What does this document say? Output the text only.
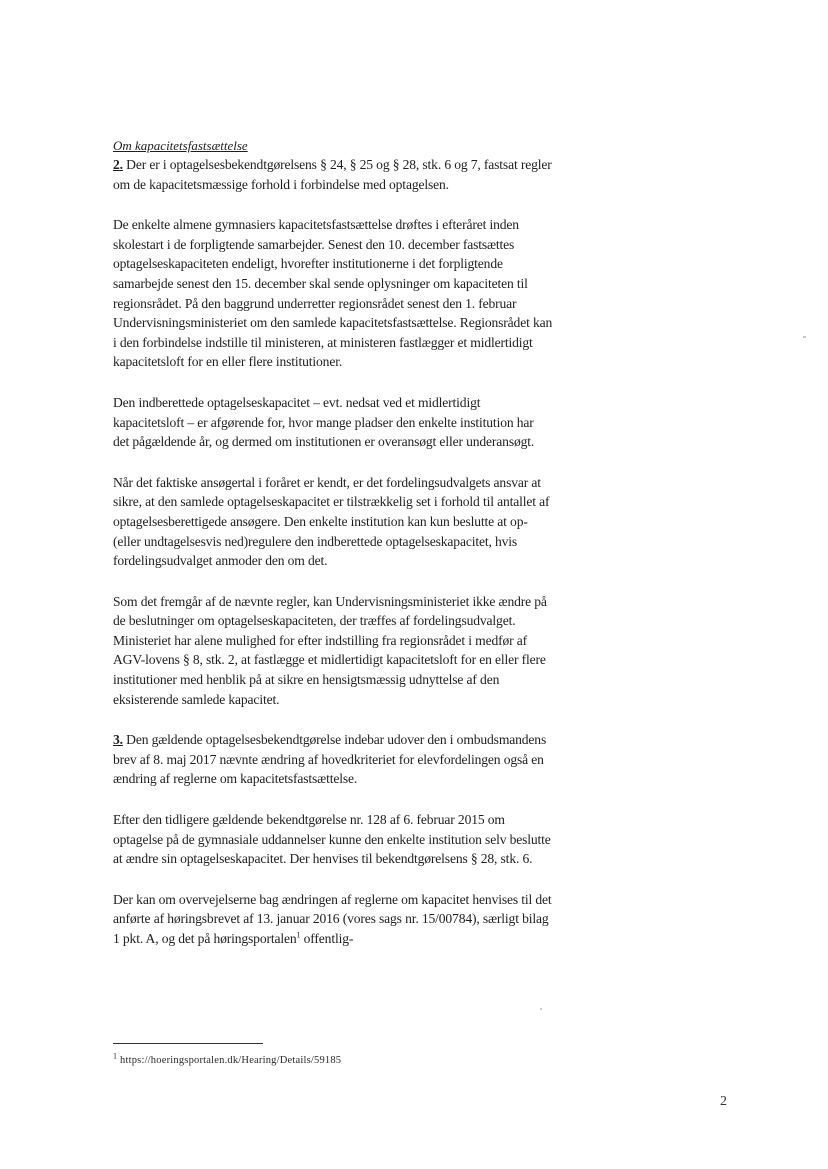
Om kapacitetsfastsættelse

2. Der er i optagelsesbekendtgørelsens § 24, § 25 og § 28, stk. 6 og 7, fastsat regler om de kapacitetsmæssige forhold i forbindelse med optagelsen.

De enkelte almene gymnasiers kapacitetsfastsættelse drøftes i efteråret inden skolestart i de forpligtende samarbejder. Senest den 10. december fastsættes optagelseskapaciteten endeligt, hvorefter institutionerne i det forpligtende samarbejde senest den 15. december skal sende oplysninger om kapaciteten til regionsrådet. På den baggrund underretter regionsrådet senest den 1. februar Undervisningsministeriet om den samlede kapacitetsfastsættelse. Regionsrådet kan i den forbindelse indstille til ministeren, at ministeren fastlægger et midlertidigt kapacitetsloft for en eller flere institutioner.

Den indberettede optagelseskapacitet – evt. nedsat ved et midlertidigt kapacitetsloft – er afgørende for, hvor mange pladser den enkelte institution har det pågældende år, og dermed om institutionen er overansøgt eller underansøgt.

Når det faktiske ansøgertal i foråret er kendt, er det fordelingsudvalgets ansvar at sikre, at den samlede optagelseskapacitet er tilstrækkelig set i forhold til antallet af optagelsesberettigede ansøgere. Den enkelte institution kan kun beslutte at op- (eller undtagelsesvis ned)regulere den indberettede optagelseskapacitet, hvis fordelingsudvalget anmoder den om det.

Som det fremgår af de nævnte regler, kan Undervisningsministeriet ikke ændre på de beslutninger om optagelseskapaciteten, der træffes af fordelingsudvalget. Ministeriet har alene mulighed for efter indstilling fra regionsrådet i medfør af AGV-lovens § 8, stk. 2, at fastlægge et midlertidigt kapacitetsloft for en eller flere institutioner med henblik på at sikre en hensigtsmæssig udnyttelse af den eksisterende samlede kapacitet.

3. Den gældende optagelsesbekendtgørelse indebar udover den i ombudsmandens brev af 8. maj 2017 nævnte ændring af hovedkriteriet for elevfordelingen også en ændring af reglerne om kapacitetsfastsættelse.

Efter den tidligere gældende bekendtgørelse nr. 128 af 6. februar 2015 om optagelse på de gymnasiale uddannelser kunne den enkelte institution selv beslutte at ændre sin optagelseskapacitet. Der henvises til bekendtgørelsens § 28, stk. 6.

Der kan om overvejelserne bag ændringen af reglerne om kapacitet henvises til det anførte af høringsbrevet af 13. januar 2016 (vores sags nr. 15/00784), særligt bilag 1 pkt. A, og det på høringsportalen$^1$ offentlig-

$^1$ https://hoeringsportalen.dk/Hearing/Details/59185
2
